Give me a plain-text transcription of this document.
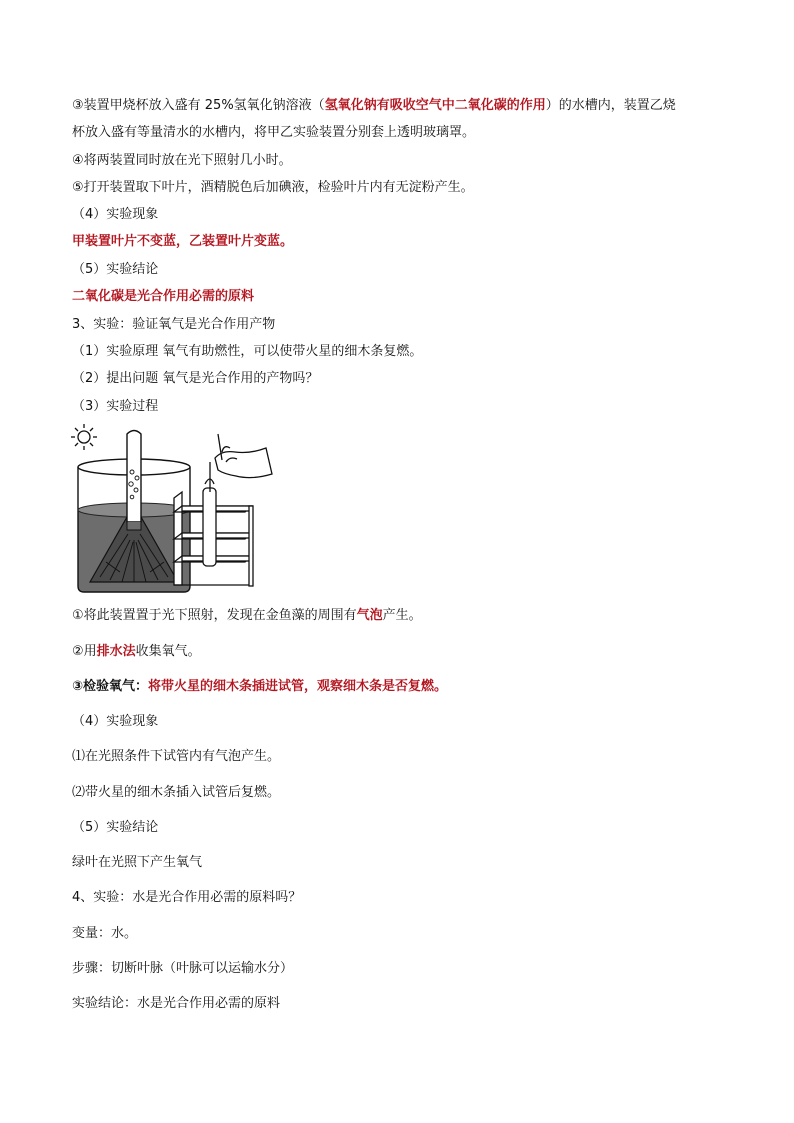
③装置甲烧杯放入盛有 25%氢氧化钠溶液（氢氧化钠有吸收空气中二氧化碳的作用）的水槽内，装置乙烧
杯放入盛有等量清水的水槽内，将甲乙实验装置分别套上透明玻璃罩。
④将两装置同时放在光下照射几小时。
⑤打开装置取下叶片，酒精脱色后加碘液，检验叶片内有无淀粉产生。
（4）实验现象
甲装置叶片不变蓝，乙装置叶片变蓝。
（5）实验结论
二氧化碳是光合作用必需的原料
3、实验：验证氧气是光合作用产物
（1）实验原理 氧气有助燃性，可以使带火星的细木条复燃。
（2）提出问题 氧气是光合作用的产物吗？
（3）实验过程
①将此装置置于光下照射，发现在金鱼藻的周围有气泡产生。
②用排水法收集氧气。
③检验氧气：将带火星的细木条插进试管，观察细木条是否复燃。
（4）实验现象
⑴在光照条件下试管内有气泡产生。
⑵带火星的细木条插入试管后复燃。
（5）实验结论
绿叶在光照下产生氧气
4、实验：水是光合作用必需的原料吗？
变量：水。
步骤：切断叶脉（叶脉可以运输水分）
实验结论：水是光合作用必需的原料
